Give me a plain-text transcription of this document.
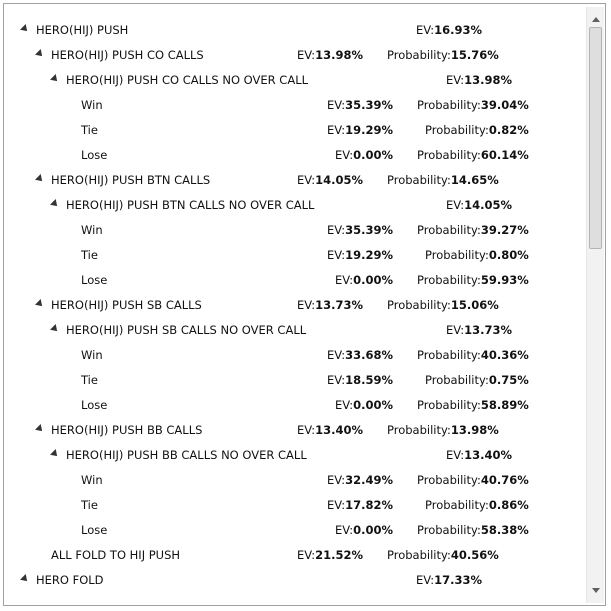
HERO(HIJ) PUSH	EV:16.93%
HERO(HIJ) PUSH CO CALLS	EV:13.98% Probability:15.76%
HERO(HIJ) PUSH CO CALLS NO OVER CALL	EV:13.98%
Win	EV:35.39% Probability:39.04%
Tie	EV:19.29%	Probability:0.82%
Lose	EV:0.00% Probability:60.14%
HERO(HIJ) PUSH BTN CALLS	EV:14.05% Probability:14.65%
HERO(HIJ) PUSH BTN CALLS NO OVER CALL	EV:14.05%
Win	EV:35.39% Probability:39.27%
Tie	EV:19.29%	Probability:0.80%
Lose	EV:0.00% Probability:59.93%
HERO(HIJ) PUSH SB CALLS	EV:13.73% Probability:15.06%
HERO(HIJ) PUSH SB CALLS NO OVER CALL	EV:13.73%
Win	EV:33.68% Probability:40.36%
Tie	EV:18.59%	Probability:0.75%
Lose	EV:0.00% Probability:58.89%
HERO(HIJ) PUSH BB CALLS	EV:13.40% Probability:13.98%
HERO(HIJ) PUSH BB CALLS NO OVER CALL	EV:13.40%
Win	EV:32.49% Probability:40.76%
Tie	EV:17.82%	Probability:0.86%
Lose	EV:0.00% Probability:58.38%
ALL FOLD TO HIJ PUSH	EV:21.52% Probability:40.56%
HERO FOLD	EV:17.33%
